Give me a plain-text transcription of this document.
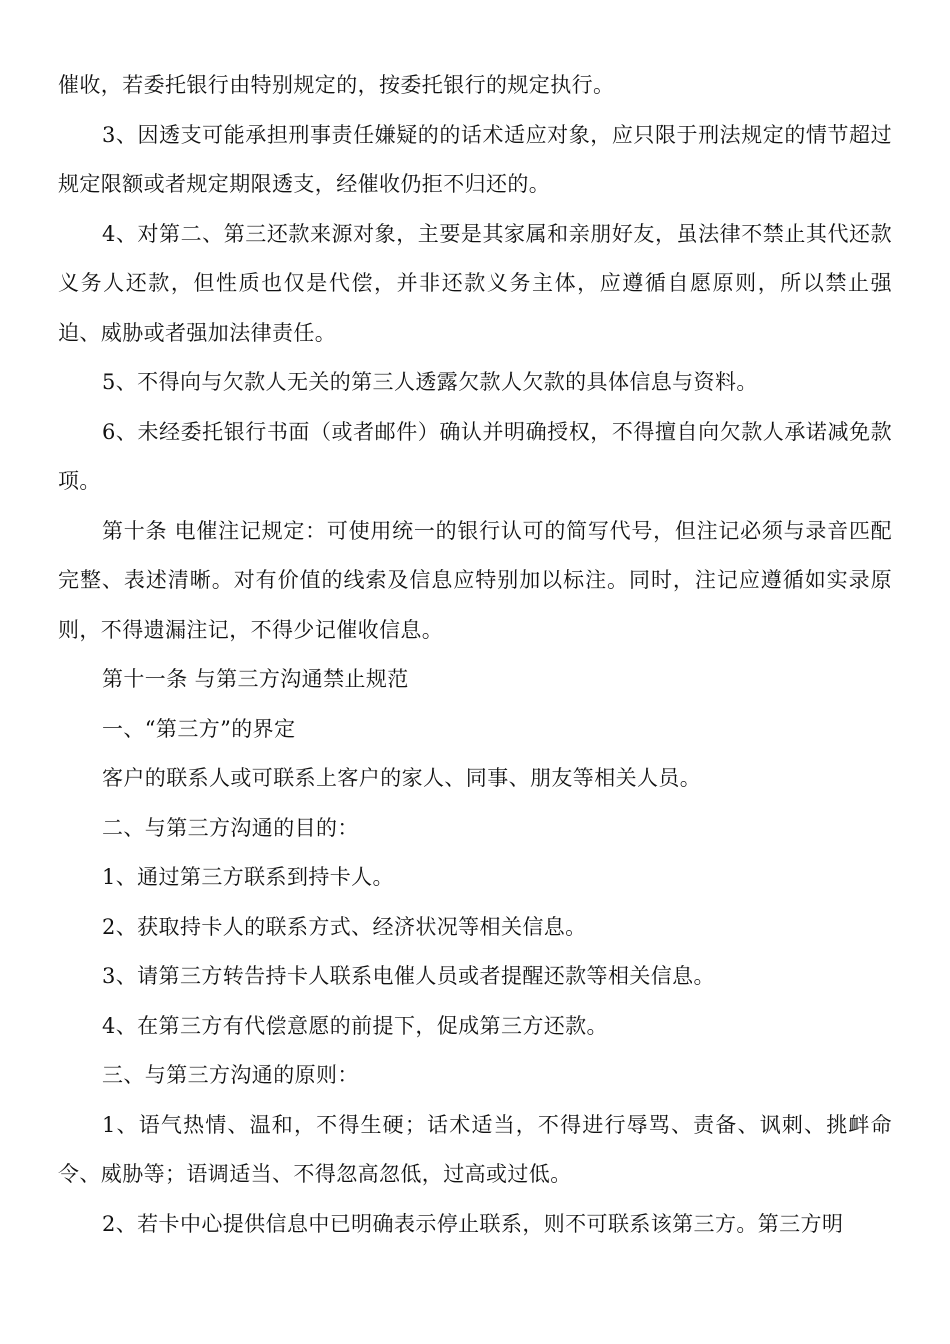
催收，若委托银行由特别规定的，按委托银行的规定执行。

3、因透支可能承担刑事责任嫌疑的的话术适应对象，应只限于刑法规定的情节超过规定限额或者规定期限透支，经催收仍拒不归还的。

4、对第二、第三还款来源对象，主要是其家属和亲朋好友，虽法律不禁止其代还款义务人还款，但性质也仅是代偿，并非还款义务主体，应遵循自愿原则，所以禁止强迫、威胁或者强加法律责任。

5、不得向与欠款人无关的第三人透露欠款人欠款的具体信息与资料。

6、未经委托银行书面（或者邮件）确认并明确授权，不得擅自向欠款人承诺减免款项。

第十条 电催注记规定：可使用统一的银行认可的简写代号，但注记必须与录音匹配完整、表述清晰。对有价值的线索及信息应特别加以标注。同时，注记应遵循如实录原则，不得遗漏注记，不得少记催收信息。

第十一条 与第三方沟通禁止规范

一、“第三方”的界定

客户的联系人或可联系上客户的家人、同事、朋友等相关人员。

二、与第三方沟通的目的：

1、通过第三方联系到持卡人。

2、获取持卡人的联系方式、经济状况等相关信息。

3、请第三方转告持卡人联系电催人员或者提醒还款等相关信息。

4、在第三方有代偿意愿的前提下，促成第三方还款。

三、与第三方沟通的原则：

1、语气热情、温和，不得生硬；话术适当，不得进行辱骂、责备、讽刺、挑衅命令、威胁等；语调适当、不得忽高忽低，过高或过低。

2、若卡中心提供信息中已明确表示停止联系，则不可联系该第三方。第三方明
